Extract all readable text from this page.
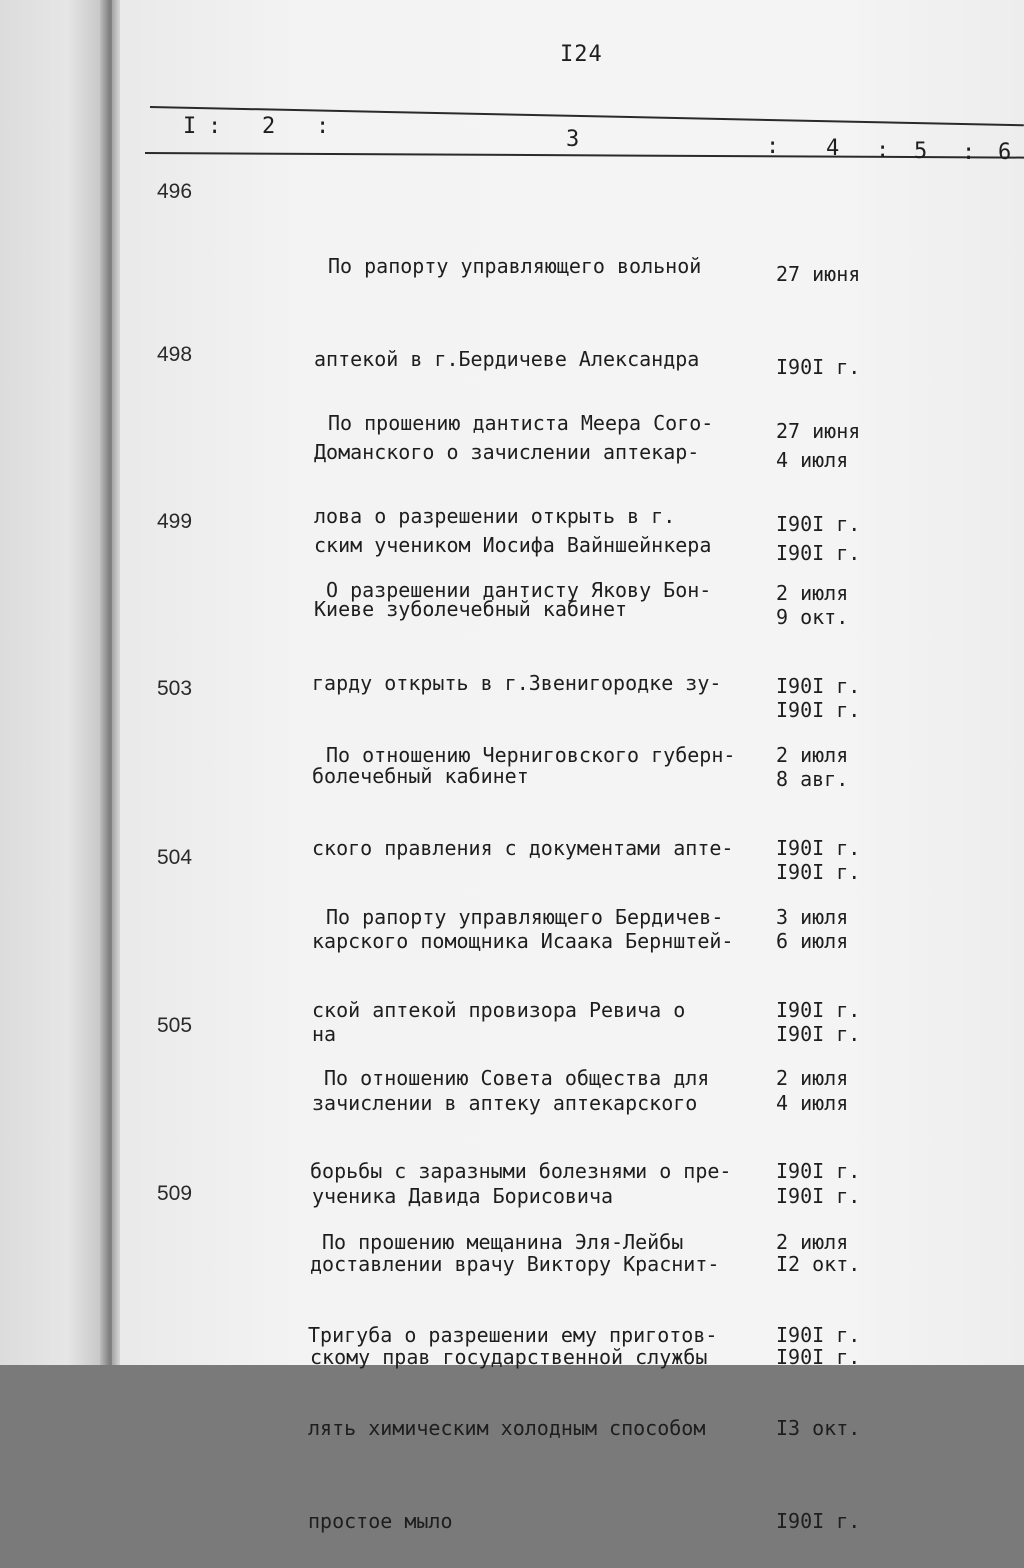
I24
I : 2 :
3	: 4 : 5 : 6
496

По рапорту управляющего вольной

аптекой в г.Бердичеве Александра

Доманского о зачислении аптекар-

ским учеником Иосифа Вайншейнкера

27 июня

I90I г.

4 июля

I90I г.

498

По прошению дантиста Меера Сого-

лова о разрешении открыть в г.

Киеве зуболечебный кабинет

27 июня

I90I г.

9 окт.

I90I г.

499

О разрешении дантисту Якову Бон-

гарду открыть в г.Звенигородке зу-

болечебный кабинет

2 июля

I90I г.

8 авг.

I90I г.

503

По отношению Черниговского губерн-

ского правления с документами апте-

карского помощника Исаака Бернштей-

на

2 июля

I90I г.

6 июля

I90I г.

504

По рапорту управляющего Бердичев-

ской аптекой провизора Ревича о

зачислении в аптеку аптекарского

ученика Давида Борисовича

3 июля

I90I г.

4 июля

I90I г.

505

По отношению Совета общества для

борьбы с заразными болезнями о пре-

доставлении врачу Виктору Краснит-

скому прав государственной службы

2 июля

I90I г.

I2 окт.

I90I г.

509

По прошению мещанина Эля-Лейбы

Тригуба о разрешении ему приготов-

лять химическим холодным способом

простое мыло

2 июля

I90I г.

I3 окт.

I90I г.
